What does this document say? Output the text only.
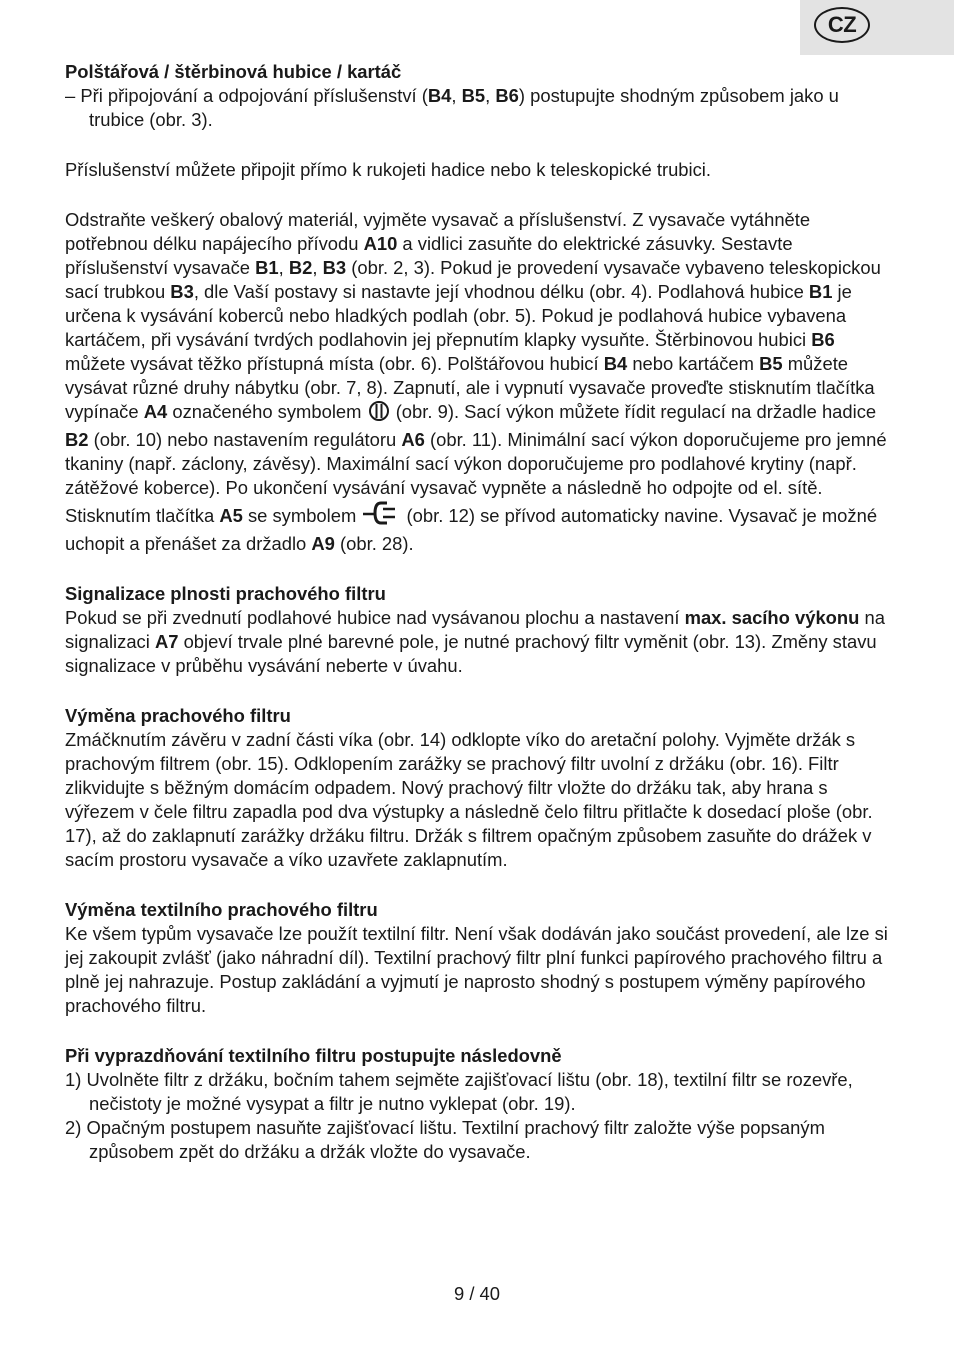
CZ
Polštářová / štěrbinová hubice / kartáč

– Při připojování a odpojování příslušenství (B4, B5, B6) postupujte shodným způsobem jako u trubice (obr. 3).

Příslušenství můžete připojit přímo k rukojeti hadice nebo k teleskopické trubici.

Odstraňte veškerý obalový materiál, vyjměte vysavač a příslušenství. Z vysavače vytáhněte potřebnou délku napájecího přívodu A10 a vidlici zasuňte do elektrické zásuvky. Sestavte příslušenství vysavače B1, B2, B3 (obr. 2, 3). Pokud je provedení vysavače vybaveno teleskopickou sací trubkou B3, dle Vaší postavy si nastavte její vhodnou délku (obr. 4). Podlahová hubice B1 je určena k vysávání koberců nebo hladkých podlah (obr. 5). Pokud je podlahová hubice vybavena kartáčem, při vysávání tvrdých podlahovin jej přepnutím klapky vysuňte. Štěrbinovou hubici B6 můžete vysávat těžko přístupná místa (obr. 6). Polštářovou hubicí B4 nebo kartáčem B5 můžete vysávat různé druhy nábytku (obr. 7, 8). Zapnutí, ale i vypnutí vysavače proveďte stisknutím tlačítka vypínače A4 označeného symbolem  (obr. 9). Sací výkon můžete řídit regulací na držadle hadice B2 (obr. 10) nebo nastavením regulátoru A6 (obr. 11). Minimální sací výkon doporučujeme pro jemné tkaniny (např. záclony, závěsy). Maximální sací výkon doporučujeme pro podlahové krytiny (např. zátěžové koberce). Po ukončení vysávání vysavač vypněte a následně ho odpojte od el. sítě. Stisknutím tlačítka A5 se symbolem  (obr. 12) se přívod automaticky navine. Vysavač je možné uchopit a přenášet za držadlo A9 (obr. 28).

Signalizace plnosti prachového filtru

Pokud se při zvednutí podlahové hubice nad vysávanou plochu a nastavení max. sacího výkonu na signalizaci A7 objeví trvale plné barevné pole, je nutné prachový filtr vyměnit (obr. 13). Změny stavu signalizace v průběhu vysávání neberte v úvahu.

Výměna prachového filtru

Zmáčknutím závěru v zadní části víka (obr. 14) odklopte víko do aretační polohy. Vyjměte držák s prachovým filtrem (obr. 15). Odklopením zarážky se prachový filtr uvolní z držáku (obr. 16). Filtr zlikvidujte s běžným domácím odpadem. Nový prachový filtr vložte do držáku tak, aby hrana s výřezem v čele filtru zapadla pod dva výstupky a následně čelo filtru přitlačte k dosedací ploše (obr. 17), až do zaklapnutí zarážky držáku filtru. Držák s filtrem opačným způsobem zasuňte do drážek v sacím prostoru vysavače a víko uzavřete zaklapnutím.

Výměna textilního prachového filtru

Ke všem typům vysavače lze použít textilní filtr. Není však dodáván jako součást provedení, ale lze si jej zakoupit zvlášť (jako náhradní díl). Textilní prachový filtr plní funkci papírového prachového filtru a plně jej nahrazuje. Postup zakládání a vyjmutí je naprosto shodný s postupem výměny papírového prachového filtru.

Při vyprazdňování textilního filtru postupujte následovně

1) Uvolněte filtr z držáku, bočním tahem sejměte zajišťovací lištu (obr. 18), textilní filtr se rozevře, nečistoty je možné vysypat a filtr je nutno vyklepat (obr. 19).

2) Opačným postupem nasuňte zajišťovací lištu. Textilní prachový filtr založte výše popsaným způsobem zpět do držáku a držák vložte do vysavače.

9 / 40
